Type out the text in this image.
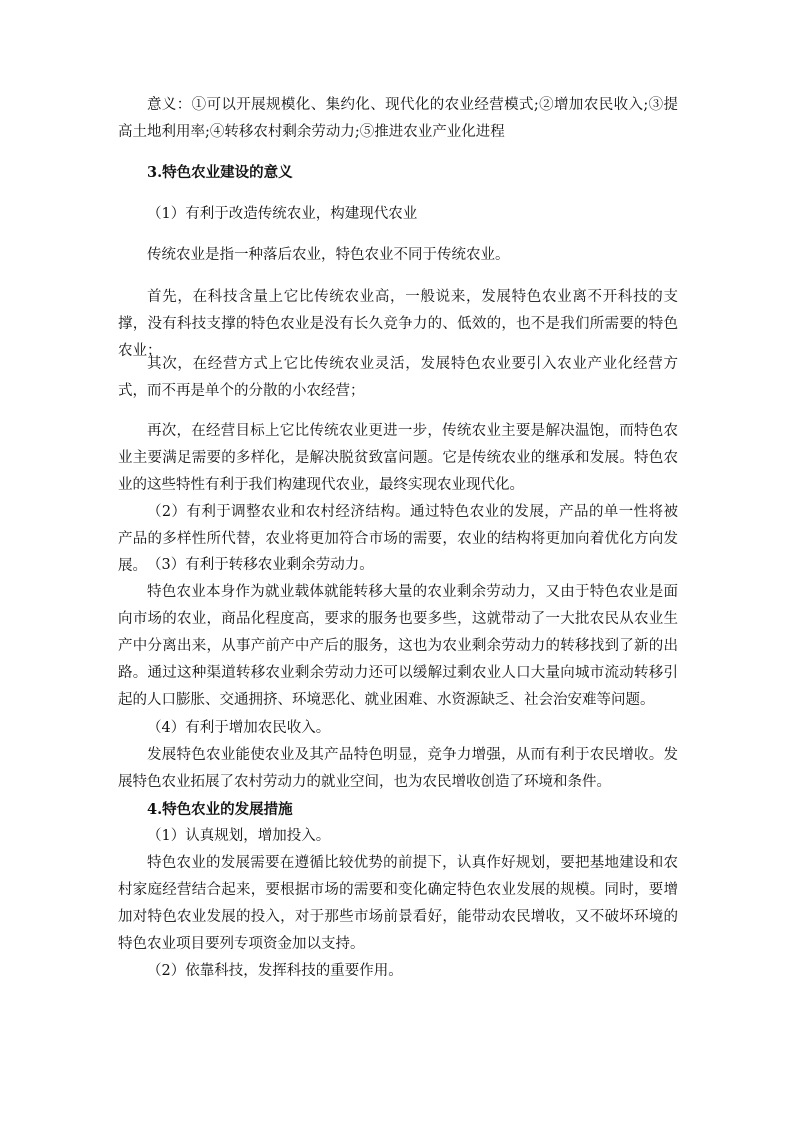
意义：①可以开展规模化、集约化、现代化的农业经营模式;②增加农民收入;③提高土地利用率;④转移农村剩余劳动力;⑤推进农业产业化进程

3.特色农业建设的意义

（1）有利于改造传统农业，构建现代农业

传统农业是指一种落后农业，特色农业不同于传统农业。

首先，在科技含量上它比传统农业高，一般说来，发展特色农业离不开科技的支撑，没有科技支撑的特色农业是没有长久竞争力的、低效的，也不是我们所需要的特色农业；

其次，在经营方式上它比传统农业灵活，发展特色农业要引入农业产业化经营方式，而不再是单个的分散的小农经营；

再次，在经营目标上它比传统农业更进一步，传统农业主要是解决温饱，而特色农业主要满足需要的多样化，是解决脱贫致富问题。它是传统农业的继承和发展。特色农业的这些特性有利于我们构建现代农业，最终实现农业现代化。

（2）有利于调整农业和农村经济结构。通过特色农业的发展，产品的单一性将被产品的多样性所代替，农业将更加符合市场的需要，农业的结构将更加向着优化方向发展。 （3）有利于转移农业剩余劳动力。

特色农业本身作为就业载体就能转移大量的农业剩余劳动力，又由于特色农业是面向市场的农业，商品化程度高，要求的服务也要多些，这就带动了一大批农民从农业生产中分离出来，从事产前产中产后的服务，这也为农业剩余劳动力的转移找到了新的出路。通过这种渠道转移农业剩余劳动力还可以缓解过剩农业人口大量向城市流动转移引起的人口膨胀、交通拥挤、环境恶化、就业困难、水资源缺乏、社会治安难等问题。

（4）有利于增加农民收入。

发展特色农业能使农业及其产品特色明显，竞争力增强，从而有利于农民增收。发展特色农业拓展了农村劳动力的就业空间，也为农民增收创造了环境和条件。

4.特色农业的发展措施

（1）认真规划，增加投入。

特色农业的发展需要在遵循比较优势的前提下，认真作好规划，要把基地建设和农村家庭经营结合起来，要根据市场的需要和变化确定特色农业发展的规模。同时，要增加对特色农业发展的投入，对于那些市场前景看好，能带动农民增收，又不破坏环境的特色农业项目要列专项资金加以支持。

（2）依靠科技，发挥科技的重要作用。
